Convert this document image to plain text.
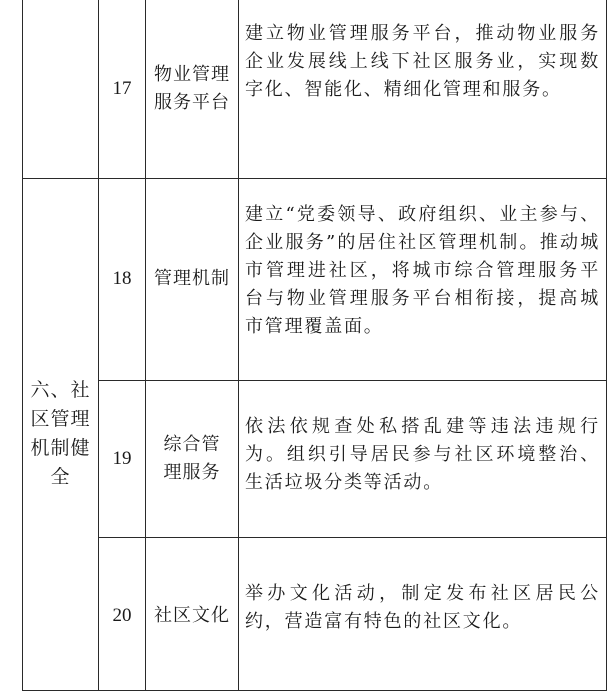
	17	物业管理服务平台	建立物业管理服务平台，推动物业服务企业发展线上线下社区服务业，实现数字化、智能化、精细化管理和服务。

六、社区管理机制健全	18	管理机制	建立“党委领导、政府组织、业主参与、企业服务”的居住社区管理机制。推动城市管理进社区，将城市综合管理服务平台与物业管理服务平台相衔接，提高城市管理覆盖面。

	19	综合管理服务	依法依规查处私搭乱建等违法违规行为。组织引导居民参与社区环境整治、生活垃圾分类等活动。

	20	社区文化	举办文化活动，制定发布社区居民公约，营造富有特色的社区文化。
